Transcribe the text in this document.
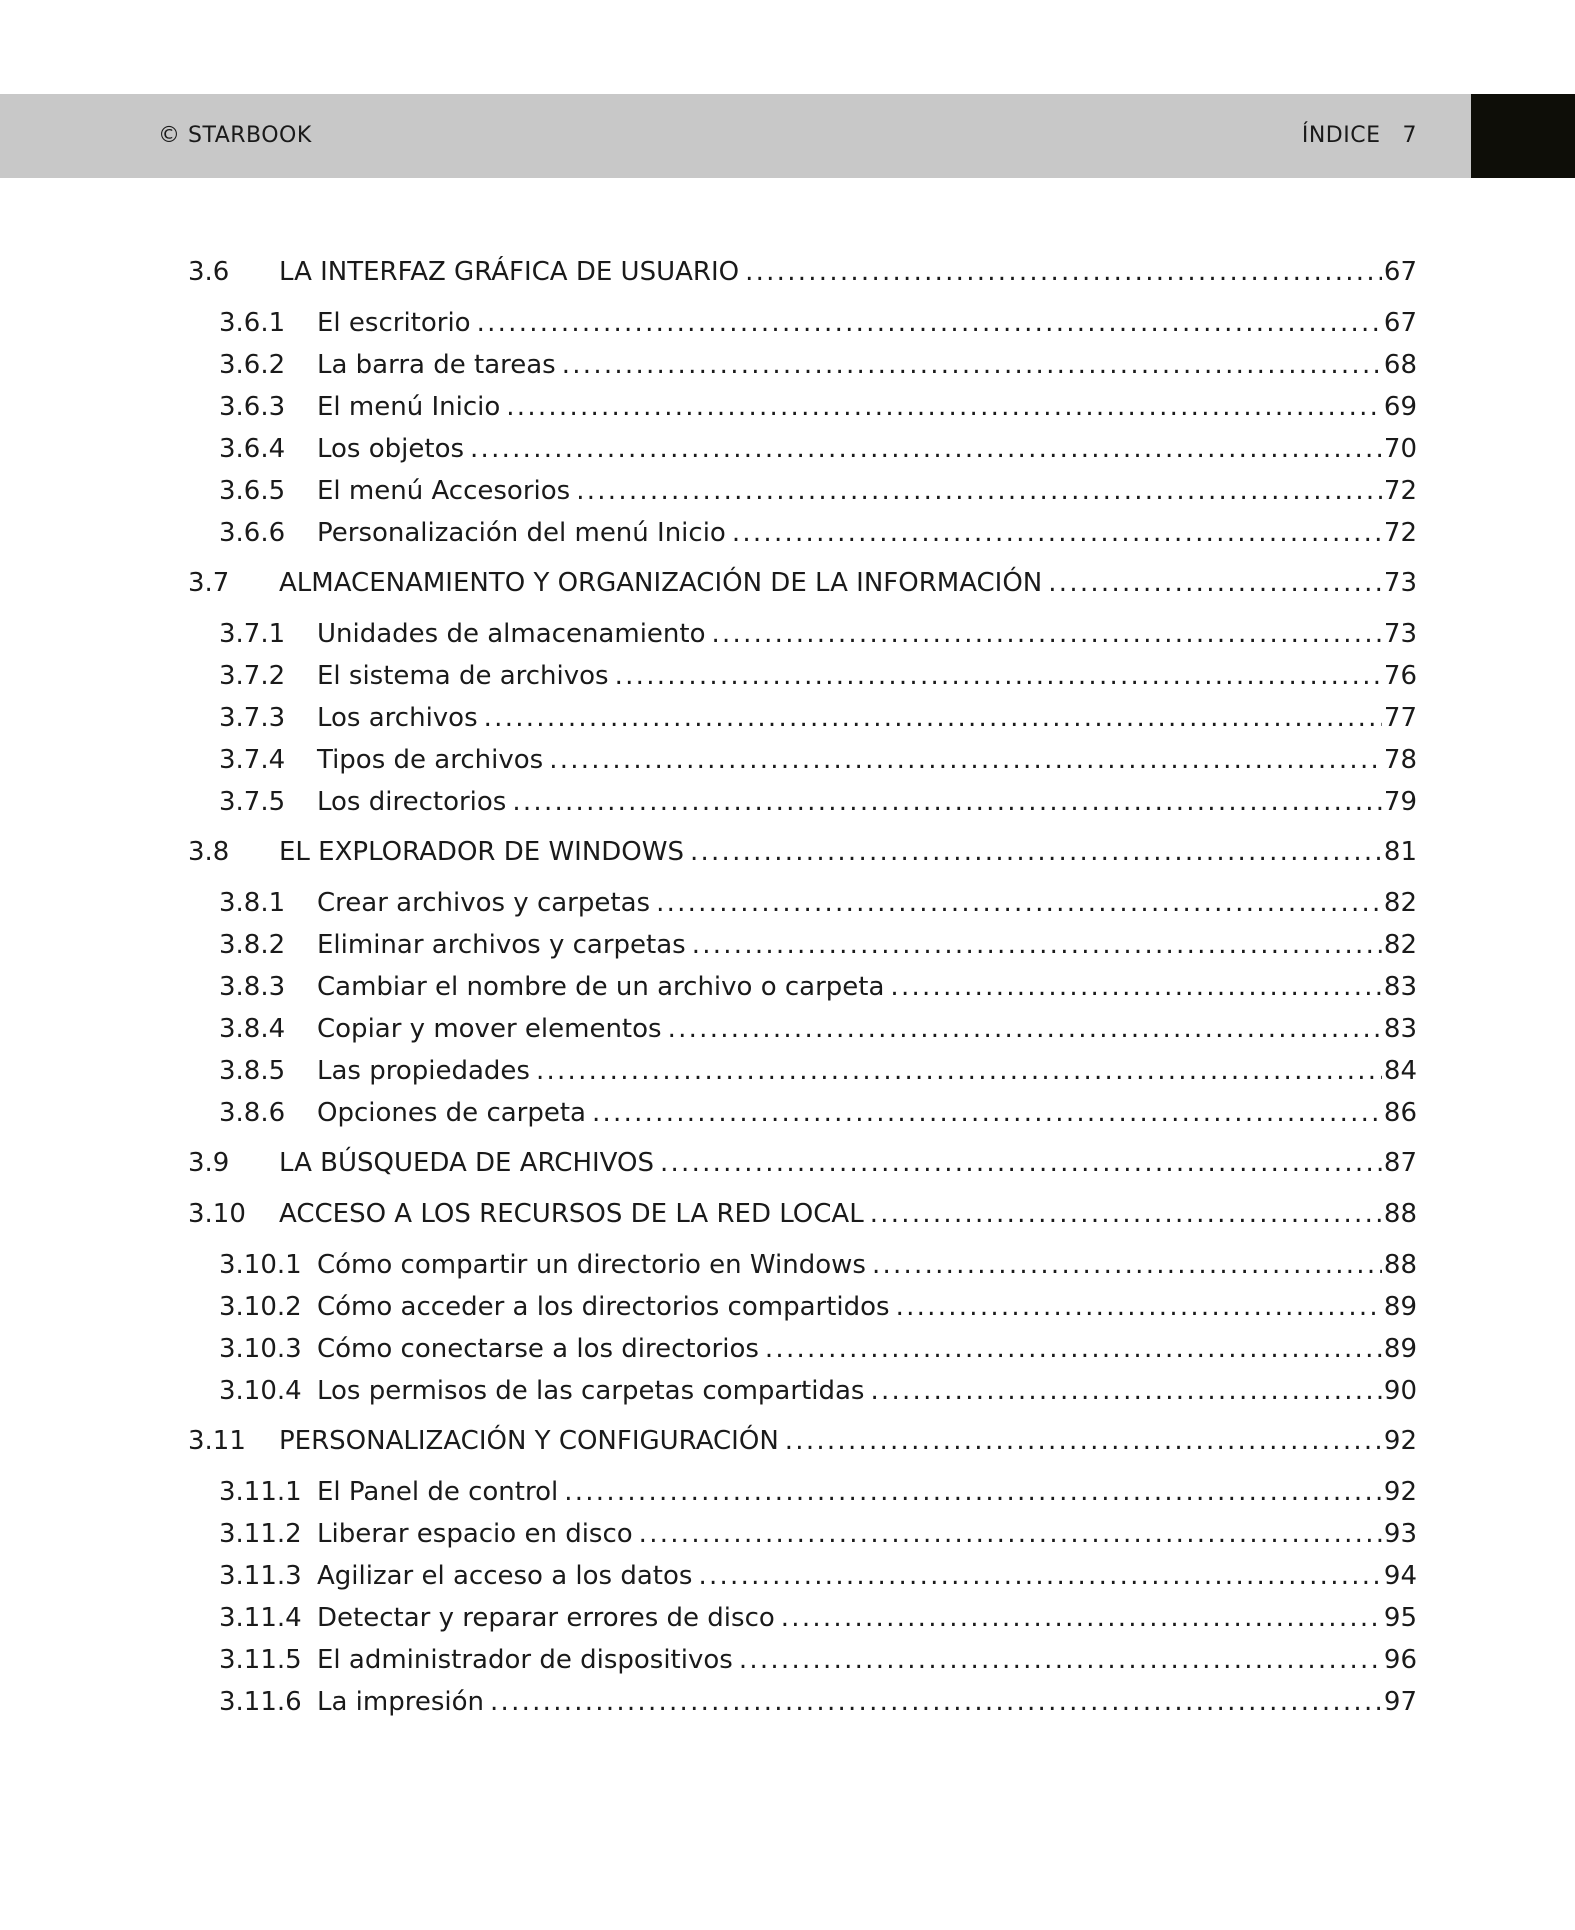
© STARBOOK	ÍNDICE 7
3.6	LA INTERFAZ GRÁFICA DE USUARIO . . .	67
3.6.1	El escritorio . . .	67
3.6.2	La barra de tareas . . .	68
3.6.3	El menú Inicio . . .	69
3.6.4	Los objetos . . .	70
3.6.5	El menú Accesorios . . .	72
3.6.6	Personalización del menú Inicio . . .	72
3.7	ALMACENAMIENTO Y ORGANIZACIÓN DE LA INFORMACIÓN . . .	73
3.7.1	Unidades de almacenamiento . . .	73
3.7.2	El sistema de archivos . . .	76
3.7.3	Los archivos . . .	77
3.7.4	Tipos de archivos . . .	78
3.7.5	Los directorios . . .	79
3.8	EL EXPLORADOR DE WINDOWS . . .	81
3.8.1	Crear archivos y carpetas . . .	82
3.8.2	Eliminar archivos y carpetas . . .	82
3.8.3	Cambiar el nombre de un archivo o carpeta . . .	83
3.8.4	Copiar y mover elementos . . .	83
3.8.5	Las propiedades . . .	84
3.8.6	Opciones de carpeta . . .	86
3.9	LA BÚSQUEDA DE ARCHIVOS . . .	87
3.10	ACCESO A LOS RECURSOS DE LA RED LOCAL . . .	88
3.10.1 Cómo compartir un directorio en Windows . . .	88
3.10.2 Cómo acceder a los directorios compartidos . . .	89
3.10.3 Cómo conectarse a los directorios . . .	89
3.10.4 Los permisos de las carpetas compartidas . . .	90
3.11	PERSONALIZACIÓN Y CONFIGURACIÓN . . .	92
3.11.1 El Panel de control . . .	92
3.11.2 Liberar espacio en disco . . .	93
3.11.3 Agilizar el acceso a los datos . . .	94
3.11.4 Detectar y reparar errores de disco . . .	95
3.11.5 El administrador de dispositivos . . .	96
3.11.6 La impresión . . .	97
